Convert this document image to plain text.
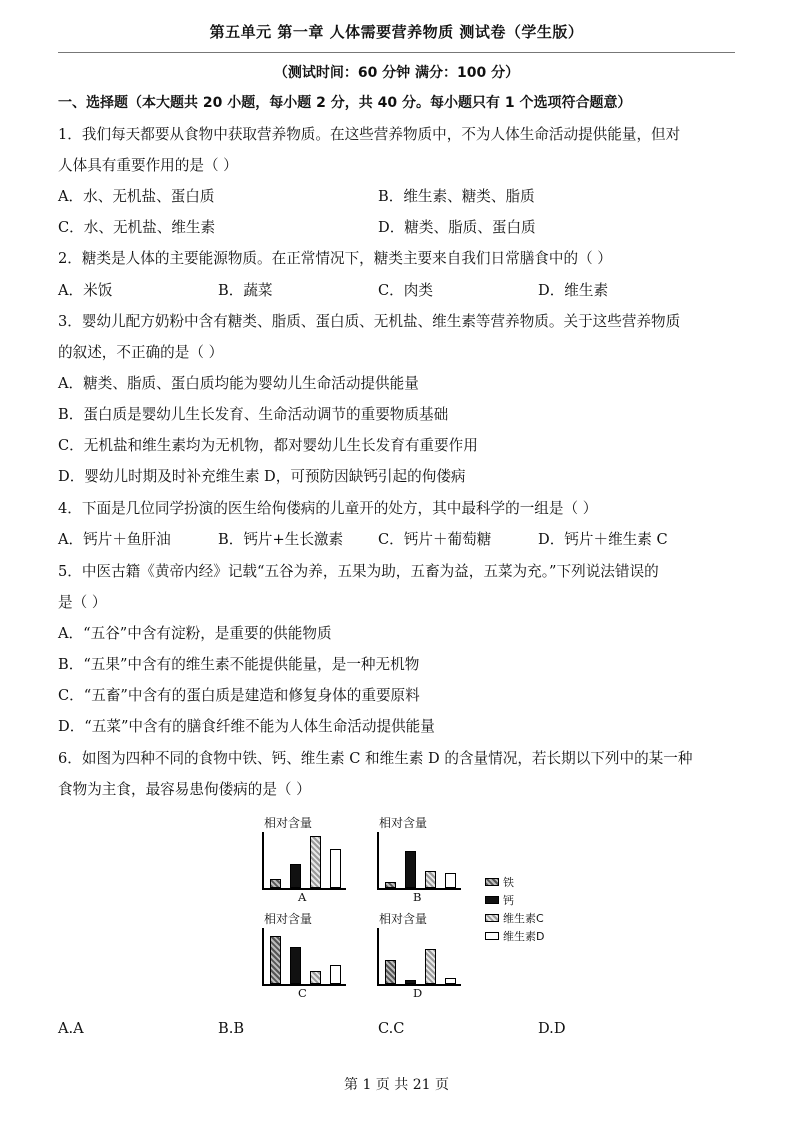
第五单元 第一章 人体需要营养物质 测试卷（学生版）
（测试时间：60 分钟 满分：100 分）
一、选择题（本大题共 20 小题，每小题 2 分，共 40 分。每小题只有 1 个选项符合题意）
1．我们每天都要从食物中获取营养物质。在这些营养物质中，不为人体生命活动提供能量，但对
人体具有重要作用的是（ ）
A．水、无机盐、蛋白质	B．维生素、糖类、脂质
C．水、无机盐、维生素	D．糖类、脂质、蛋白质
2．糖类是人体的主要能源物质。在正常情况下，糖类主要来自我们日常膳食中的（ ）
A．米饭	B．蔬菜	C．肉类	D．维生素
3．婴幼儿配方奶粉中含有糖类、脂质、蛋白质、无机盐、维生素等营养物质。关于这些营养物质
的叙述，不正确的是（ ）
A．糖类、脂质、蛋白质均能为婴幼儿生命活动提供能量
B．蛋白质是婴幼儿生长发育、生命活动调节的重要物质基础
C．无机盐和维生素均为无机物，都对婴幼儿生长发育有重要作用
D．婴幼儿时期及时补充维生素 D，可预防因缺钙引起的佝偻病
4．下面是几位同学扮演的医生给佝偻病的儿童开的处方，其中最科学的一组是（ ）
A．钙片＋鱼肝油	B．钙片+生长激素 C．钙片＋葡萄糖	D．钙片＋维生素 C
5．中医古籍《黄帝内经》记载“五谷为养，五果为助，五畜为益，五菜为充。”下列说法错误的
是（ ）
A．“五谷”中含有淀粉，是重要的供能物质
B．“五果”中含有的维生素不能提供能量，是一种无机物
C．“五畜”中含有的蛋白质是建造和修复身体的重要原料
D．“五菜”中含有的膳食纤维不能为人体生命活动提供能量
6．如图为四种不同的食物中铁、钙、维生素 C 和维生素 D 的含量情况，若长期以下列中的某一种
食物为主食，最容易患佝偻病的是（ ）
相对含量
A
相对含量
B
相对含量
C
相对含量
D
铁
钙
维生素C
维生素D
A.A	B.B	C.C	D.D
第 1 页 共 21 页
